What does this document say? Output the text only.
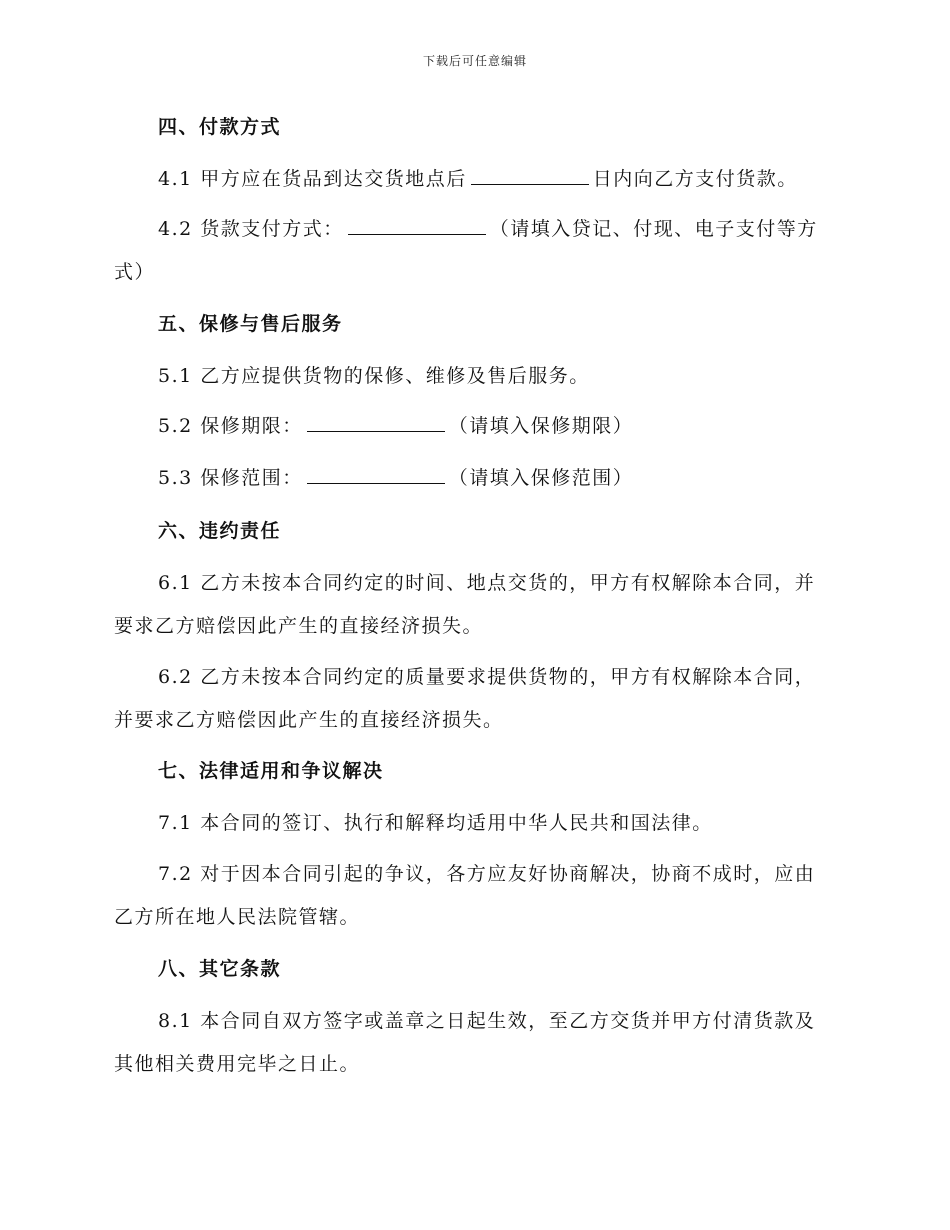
下载后可任意编辑
四、付款方式
4.1 甲方应在货品到达交货地点后	日内向乙方支付货款。
4.2 货款支付方式：	（请填入贷记、付现、电子支付等方
式）
五、保修与售后服务
5.1 乙方应提供货物的保修、维修及售后服务。
5.2 保修期限：	（请填入保修期限）
5.3 保修范围：	（请填入保修范围）
六、违约责任
6.1 乙方未按本合同约定的时间、地点交货的，甲方有权解除本合同，并
要求乙方赔偿因此产生的直接经济损失。
6.2 乙方未按本合同约定的质量要求提供货物的，甲方有权解除本合同，
并要求乙方赔偿因此产生的直接经济损失。
七、法律适用和争议解决
7.1 本合同的签订、执行和解释均适用中华人民共和国法律。
7.2 对于因本合同引起的争议，各方应友好协商解决，协商不成时，应由
乙方所在地人民法院管辖。
八、其它条款
8.1 本合同自双方签字或盖章之日起生效，至乙方交货并甲方付清货款及
其他相关费用完毕之日止。
